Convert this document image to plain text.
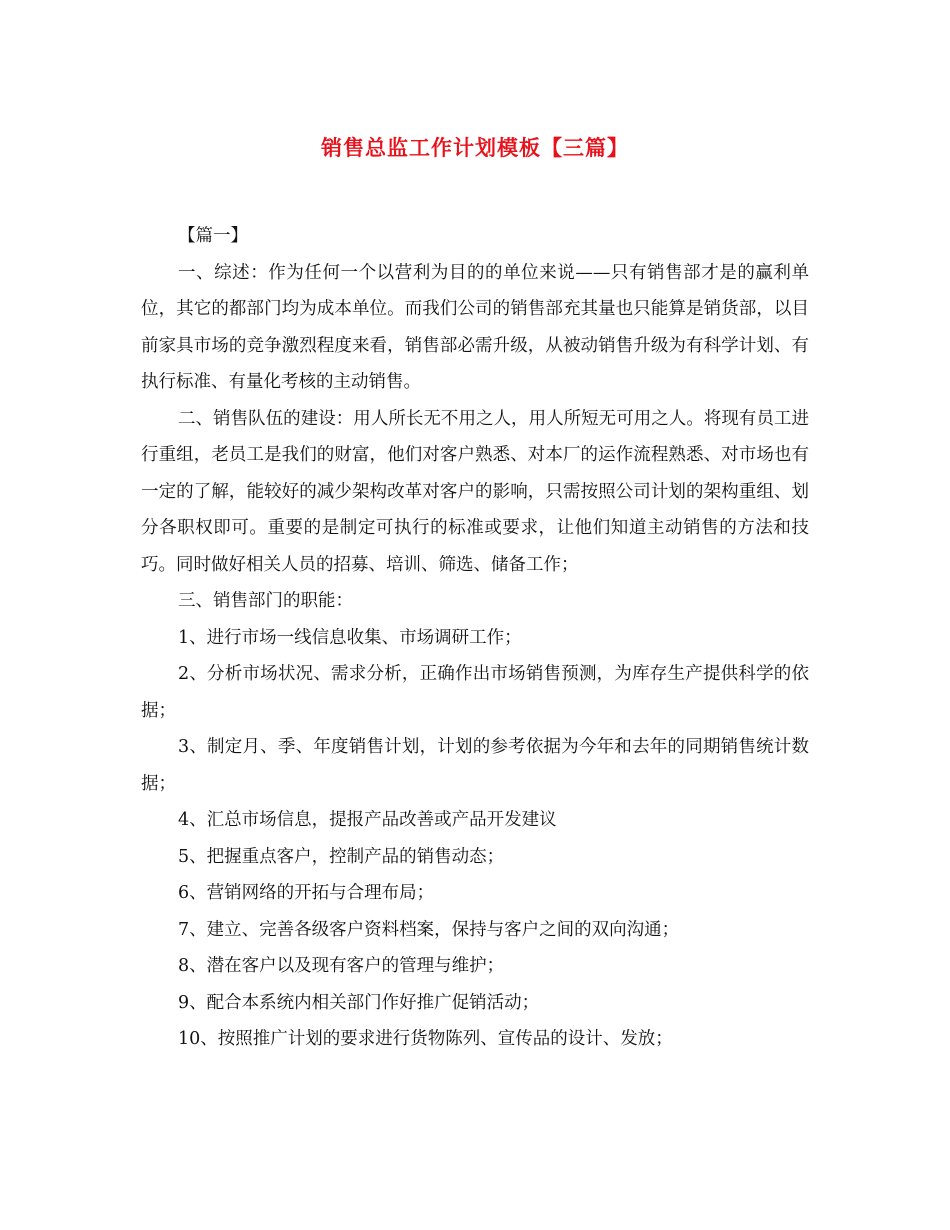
销售总监工作计划模板【三篇】

【篇一】

一、综述：作为任何一个以营利为目的的单位来说——只有销售部才是的赢利单位，其它的都部门均为成本单位。而我们公司的销售部充其量也只能算是销货部，以目前家具市场的竞争激烈程度来看，销售部必需升级，从被动销售升级为有科学计划、有执行标准、有量化考核的主动销售。

二、销售队伍的建设：用人所长无不用之人，用人所短无可用之人。将现有员工进行重组，老员工是我们的财富，他们对客户熟悉、对本厂的运作流程熟悉、对市场也有一定的了解，能较好的减少架构改革对客户的影响，只需按照公司计划的架构重组、划分各职权即可。重要的是制定可执行的标准或要求，让他们知道主动销售的方法和技巧。同时做好相关人员的招募、培训、筛选、储备工作；

三、销售部门的职能：

1、进行市场一线信息收集、市场调研工作；

2、分析市场状况、需求分析，正确作出市场销售预测，为库存生产提供科学的依据；

3、制定月、季、年度销售计划，计划的参考依据为今年和去年的同期销售统计数据；

4、汇总市场信息，提报产品改善或产品开发建议

5、把握重点客户，控制产品的销售动态；

6、营销网络的开拓与合理布局；

7、建立、完善各级客户资料档案，保持与客户之间的双向沟通；

8、潜在客户以及现有客户的管理与维护；

9、配合本系统内相关部门作好推广促销活动；

10、按照推广计划的要求进行货物陈列、宣传品的设计、发放；
